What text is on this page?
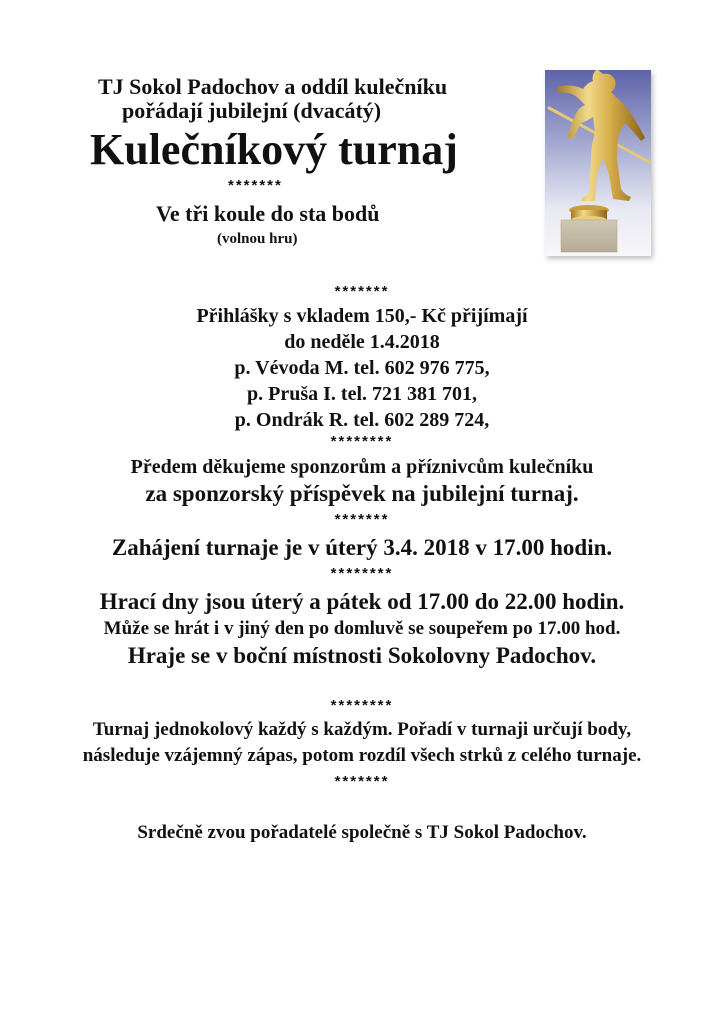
TJ Sokol Padochov a oddíl kulečníku
pořádají jubilejní (dvacátý)
Kulečníkový turnaj
*******
Ve tři koule do sta bodů
(volnou hru)
*******
Přihlášky s vkladem 150,- Kč přijímají
do neděle 1.4.2018
p. Vévoda M. tel. 602 976 775,
p. Pruša I. tel. 721 381 701,
p. Ondrák R. tel. 602 289 724,
********
Předem děkujeme sponzorům a příznivcům kulečníku
za sponzorský příspěvek na jubilejní turnaj.
*******
Zahájení turnaje je v úterý 3.4. 2018 v 17.00 hodin.
********
Hrací dny jsou úterý a pátek od 17.00 do 22.00 hodin.
Může se hrát i v jiný den po domluvě se soupeřem po 17.00 hod.
Hraje se v boční místnosti Sokolovny Padochov.
********
Turnaj jednokolový každý s každým. Pořadí v turnaji určují body,
následuje vzájemný zápas, potom rozdíl všech strků z celého turnaje.
*******
Srdečně zvou pořadatelé společně s TJ Sokol Padochov.
